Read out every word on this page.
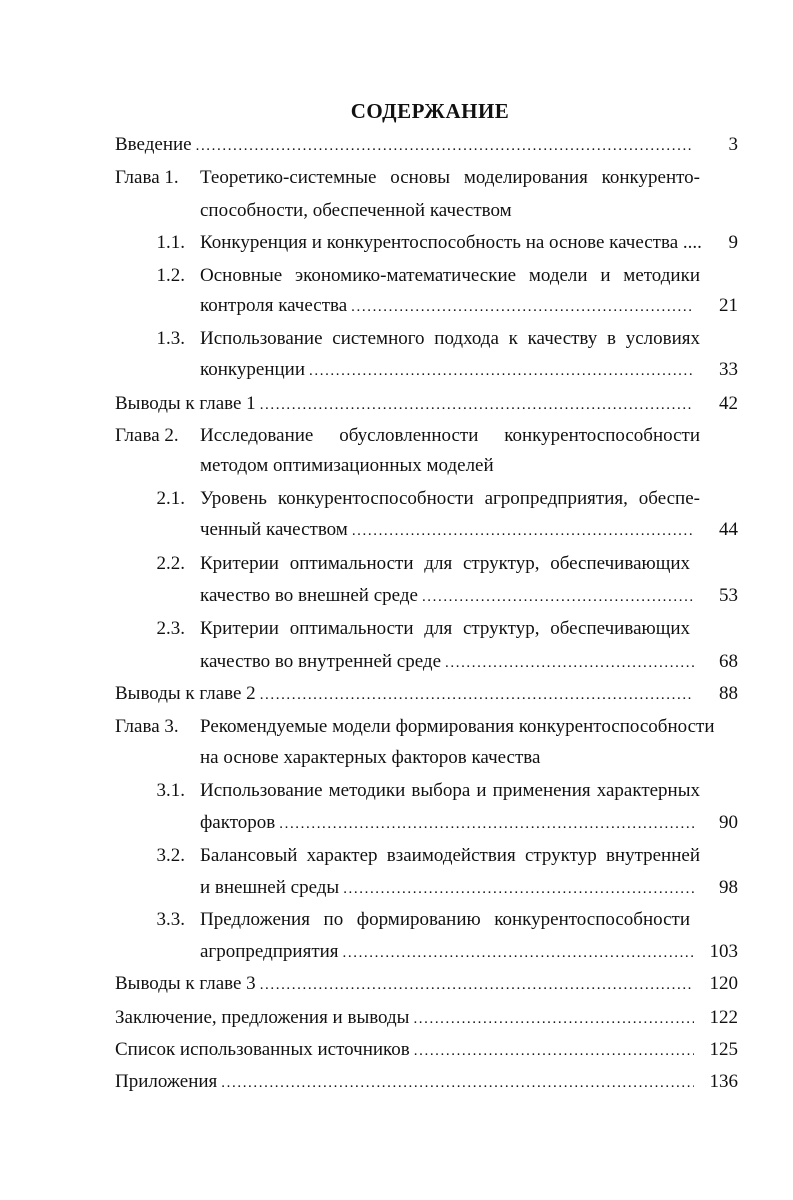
СОДЕРЖАНИЕ
Введение .....	3
Глава 1. Теоретико-системные основы моделирования конкуренто-
способности, обеспеченной качеством
1.1. Конкуренция и конкурентоспособность на основе качества ....	9
1.2. Основные экономико-математические модели и методики
контроля качества .....	21
1.3. Использование системного подхода к качеству в условиях
конкуренции .....	33
Выводы к главе 1 .....	42
Глава 2. Исследование обусловленности конкурентоспособности
методом оптимизационных моделей
2.1. Уровень конкурентоспособности агропредприятия, обеспе-
ченный качеством .....	44
2.2. Критерии оптимальности для структур, обеспечивающих
качество во внешней среде .....	53
2.3. Критерии оптимальности для структур, обеспечивающих
качество во внутренней среде .....	68
Выводы к главе 2 .....	88
Глава 3. Рекомендуемые модели формирования конкурентоспособности
на основе характерных факторов качества
3.1. Использование методики выбора и применения характерных
факторов .....	90
3.2. Балансовый характер взаимодействия структур внутренней
и внешней среды .....	98
3.3. Предложения по формированию конкурентоспособности
агропредприятия .....	103
Выводы к главе 3 .....	120
Заключение, предложения и выводы .....	122
Список использованных источников .....	125
Приложения .....	136
